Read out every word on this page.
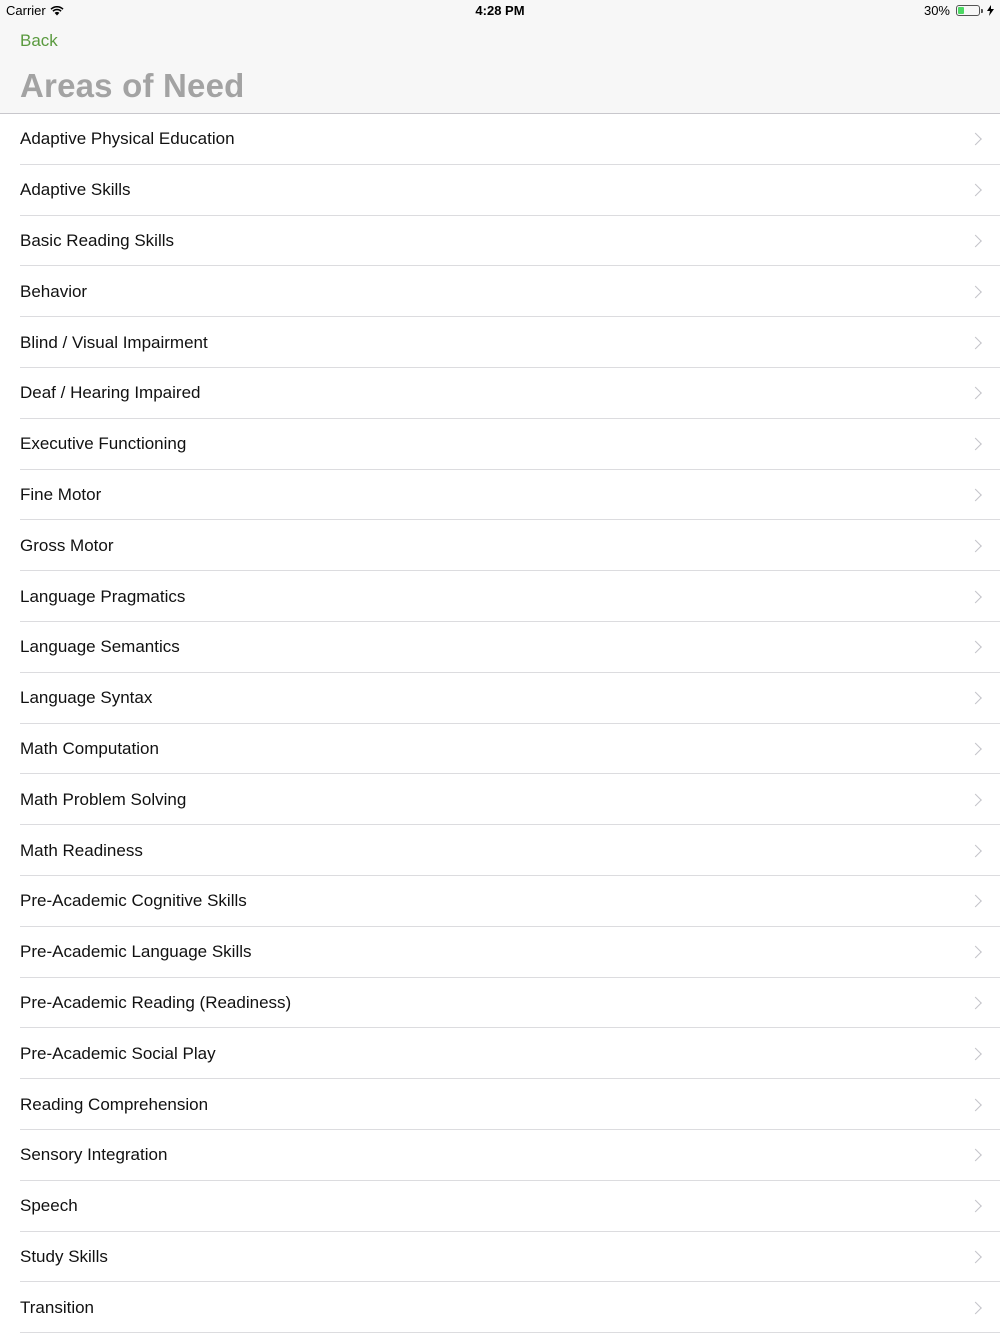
Carrier	4:28 PM	30%
Back
Areas of Need
Adaptive Physical Education
Adaptive Skills
Basic Reading Skills
Behavior
Blind / Visual Impairment
Deaf / Hearing Impaired
Executive Functioning
Fine Motor
Gross Motor
Language Pragmatics
Language Semantics
Language Syntax
Math Computation
Math Problem Solving
Math Readiness
Pre-Academic Cognitive Skills
Pre-Academic Language Skills
Pre-Academic Reading (Readiness)
Pre-Academic Social Play
Reading Comprehension
Sensory Integration
Speech
Study Skills
Transition
